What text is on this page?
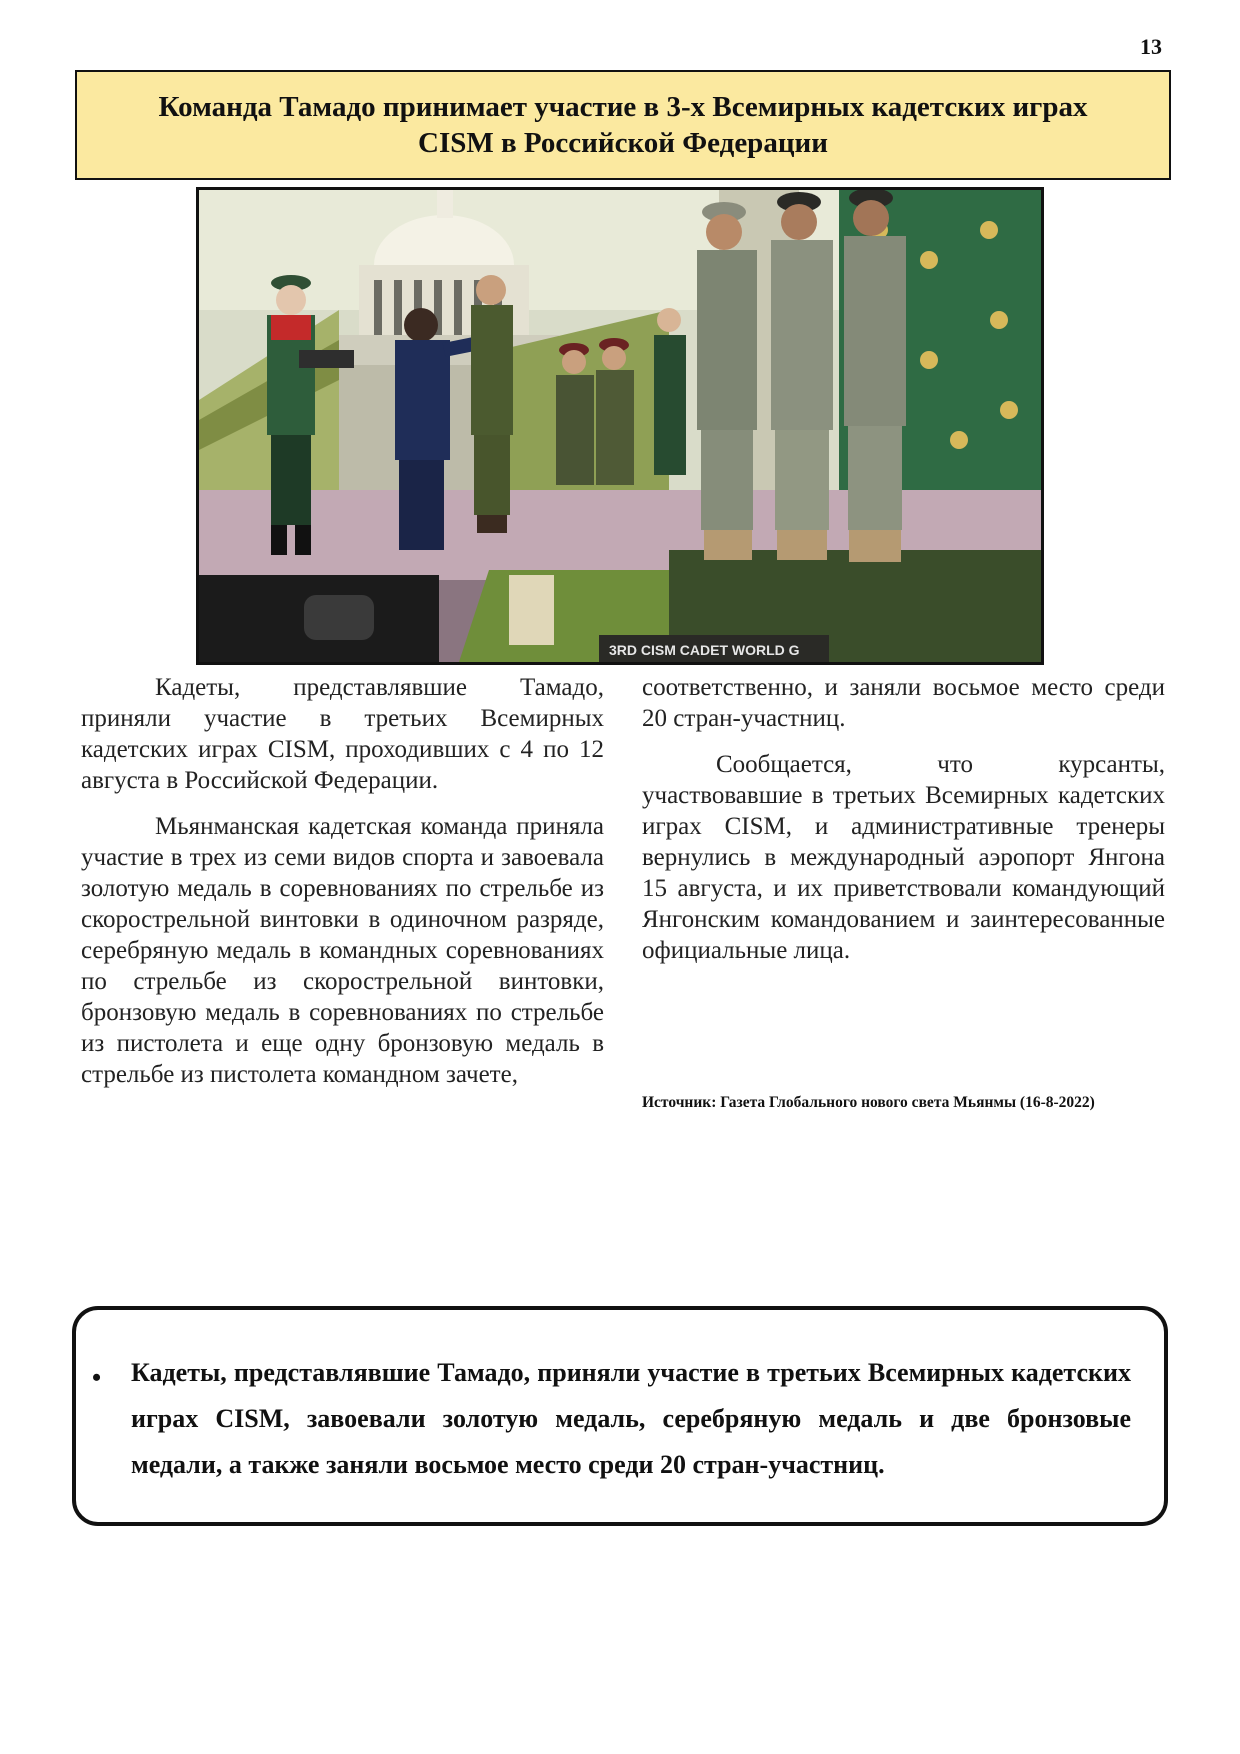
13
Команда Тамадо принимает участие в 3-х Всемирных кадетских играх
CISM в Российской Федерации
3RD CISM CADET WORLD G

Кадеты, представлявшие Тамадо, приняли участие в третьих Всемирных кадетских играх CISM, проходивших с 4 по 12 августа в Российской Федерации.

Мьянманская кадетская команда приняла участие в трех из семи видов спорта и завоевала золотую медаль в соревнованиях по стрельбе из скорострельной винтовки в одиночном разряде, серебряную медаль в командных соревнованиях по стрельбе из скорострельной винтовки, бронзовую медаль в соревнованиях по стрельбе из пистолета и еще одну бронзовую медаль в стрельбе из пистолета командном зачете,

соответственно, и заняли восьмое место среди 20 стран-участниц.

Сообщается, что курсанты, участвовавшие в третьих Всемирных кадетских играх CISM, и административные тренеры вернулись в международный аэропорт Янгона 15 августа, и их приветствовали командующий Янгонским командованием и заинтересованные официальные лица.

Источник: Газета Глобального нового света Мьянмы (16-8-2022)
• Кадеты, представлявшие Тамадо, приняли участие в третьих Всемирных кадетских играх CISM, завоевали золотую медаль, серебряную медаль и две бронзовые медали, а также заняли восьмое место среди 20 стран-участниц.
